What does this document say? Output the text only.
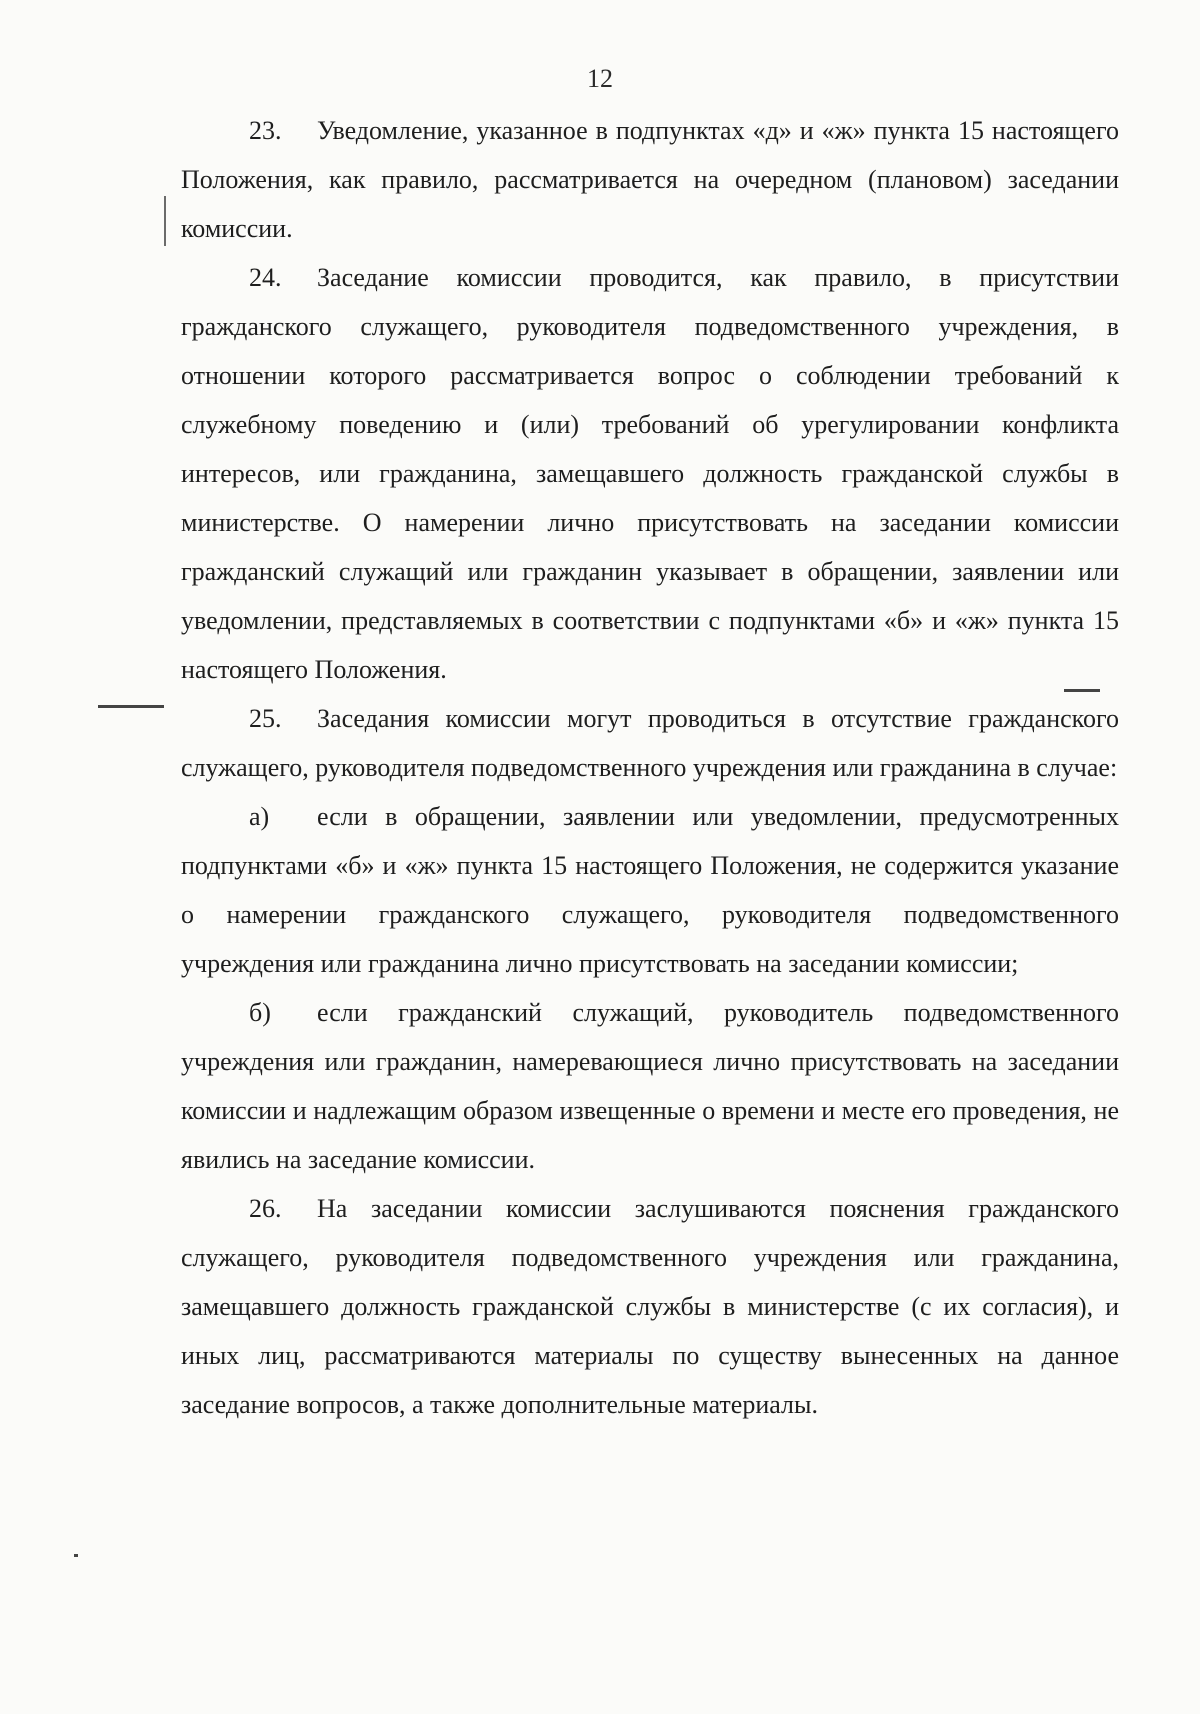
12

23. Уведомление, указанное в подпунктах «д» и «ж» пункта 15 настоящего Положения, как правило, рассматривается на очередном (плановом) заседании комиссии.

24. Заседание комиссии проводится, как правило, в присутствии гражданского служащего, руководителя подведомственного учреждения, в отношении которого рассматривается вопрос о соблюдении требований к служебному поведению и (или) требований об урегулировании конфликта интересов, или гражданина, замещавшего должность гражданской службы в министерстве. О намерении лично присутствовать на заседании комиссии гражданский служащий или гражданин указывает в обращении, заявлении или уведомлении, представляемых в соответствии с подпунктами «б» и «ж» пункта 15 настоящего Положения.

25. Заседания комиссии могут проводиться в отсутствие гражданского служащего, руководителя подведомственного учреждения или гражданина в случае:

а) если в обращении, заявлении или уведомлении, предусмотренных подпунктами «б» и «ж» пункта 15 настоящего Положения, не содержится указание о намерении гражданского служащего, руководителя подведомственного учреждения или гражданина лично присутствовать на заседании комиссии;

б) если гражданский служащий, руководитель подведомственного учреждения или гражданин, намеревающиеся лично присутствовать на заседании комиссии и надлежащим образом извещенные о времени и месте его проведения, не явились на заседание комиссии.

26. На заседании комиссии заслушиваются пояснения гражданского служащего, руководителя подведомственного учреждения или гражданина, замещавшего должность гражданской службы в министерстве (с их согласия), и иных лиц, рассматриваются материалы по существу вынесенных на данное заседание вопросов, а также дополнительные материалы.
